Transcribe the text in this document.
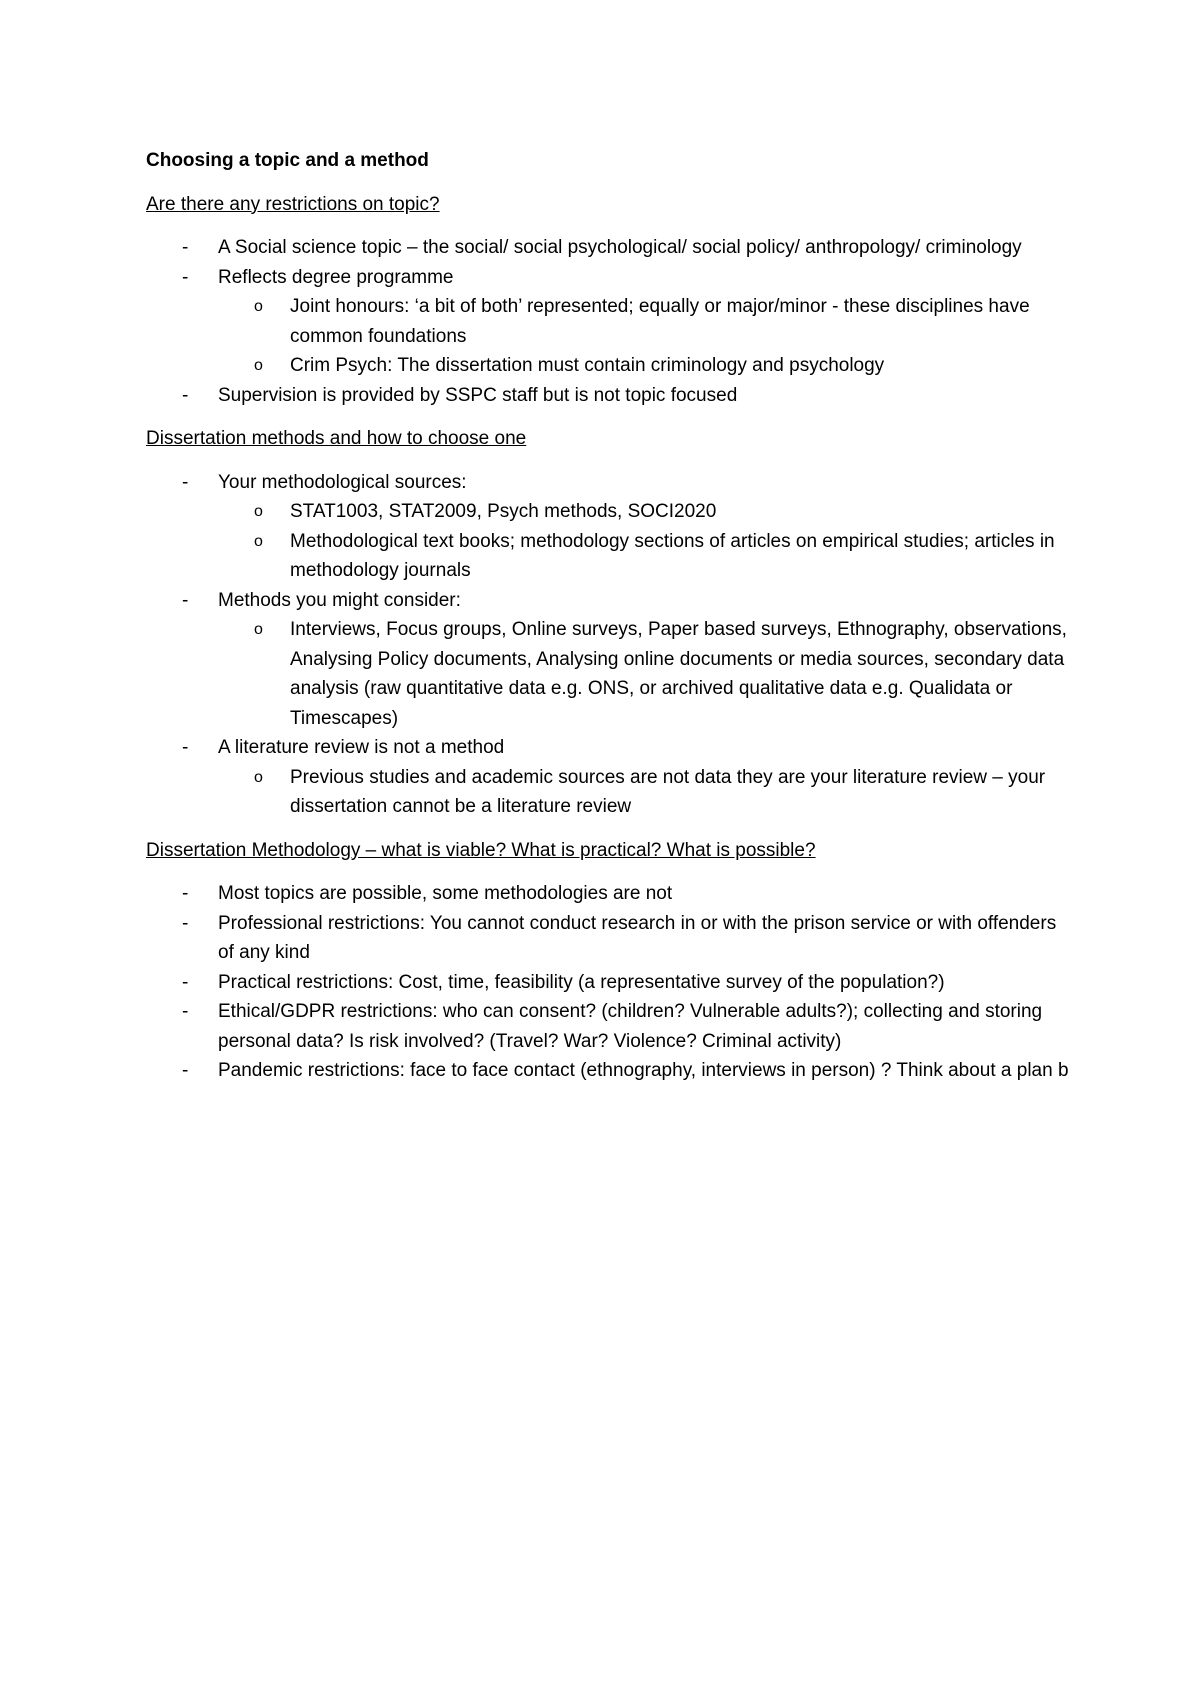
Choosing a topic and a method
Are there any restrictions on topic?
- A Social science topic – the social/ social psychological/ social policy/ anthropology/ criminology
- Reflects degree programme
o Joint honours: ‘a bit of both’ represented; equally or major/minor - these disciplines have common foundations
o Crim Psych: The dissertation must contain criminology and psychology
- Supervision is provided by SSPC staff but is not topic focused
Dissertation methods and how to choose one
- Your methodological sources:
o STAT1003, STAT2009, Psych methods, SOCI2020
o Methodological text books; methodology sections of articles on empirical studies; articles in methodology journals
- Methods you might consider:
o Interviews, Focus groups, Online surveys, Paper based surveys, Ethnography, observations, Analysing Policy documents, Analysing online documents or media sources, secondary data analysis (raw quantitative data e.g. ONS, or archived qualitative data e.g. Qualidata or Timescapes)
- A literature review is not a method
o Previous studies and academic sources are not data they are your literature review – your dissertation cannot be a literature review
Dissertation Methodology – what is viable? What is practical? What is possible?
- Most topics are possible, some methodologies are not
- Professional restrictions: You cannot conduct research in or with the prison service or with offenders of any kind
- Practical restrictions: Cost, time, feasibility (a representative survey of the population?)
- Ethical/GDPR restrictions: who can consent? (children? Vulnerable adults?); collecting and storing personal data? Is risk involved? (Travel? War? Violence? Criminal activity)
- Pandemic restrictions: face to face contact (ethnography, interviews in person) ? Think about a plan b
